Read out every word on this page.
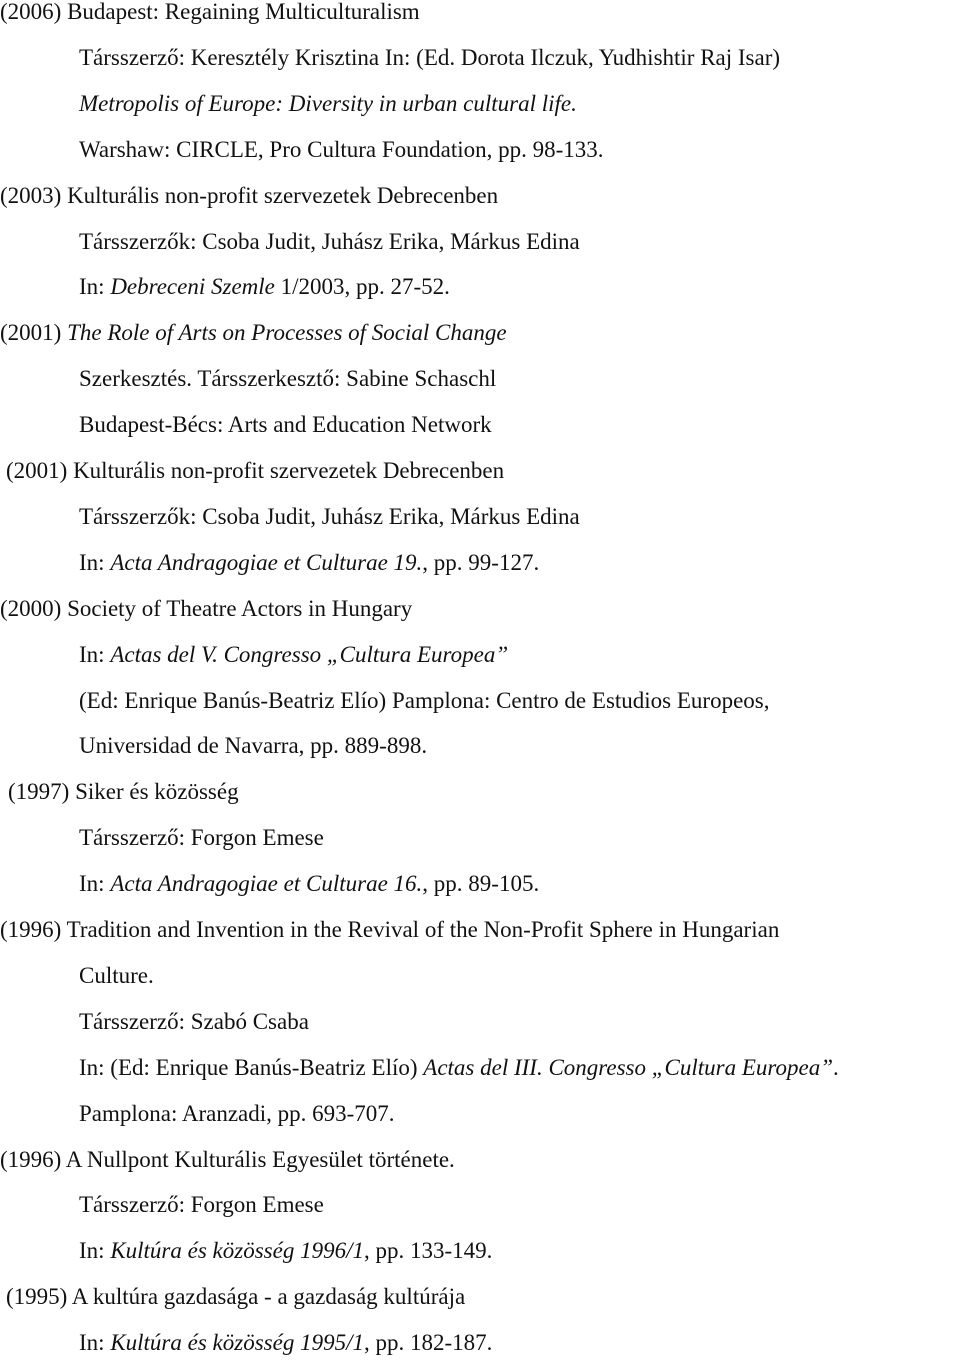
(2006) Budapest: Regaining Multiculturalism
Társszerző: Keresztély Krisztina In: (Ed. Dorota Ilczuk, Yudhishtir Raj Isar)
Metropolis of Europe: Diversity in urban cultural life.
Warshaw: CIRCLE, Pro Cultura Foundation, pp. 98-133.
(2003) Kulturális non-profit szervezetek Debrecenben
Társszerzők: Csoba Judit, Juhász Erika, Márkus Edina
In: Debreceni Szemle 1/2003, pp. 27-52.
(2001) The Role of Arts on Processes of Social Change
Szerkesztés. Társszerkesztő: Sabine Schaschl
Budapest-Bécs: Arts and Education Network
(2001) Kulturális non-profit szervezetek Debrecenben
Társszerzők: Csoba Judit, Juhász Erika, Márkus Edina
In: Acta Andragogiae et Culturae 19., pp. 99-127.
(2000) Society of Theatre Actors in Hungary
In: Actas del V. Congresso „Cultura Europea”
(Ed: Enrique Banús-Beatriz Elío) Pamplona: Centro de Estudios Europeos,
Universidad de Navarra, pp. 889-898.
(1997) Siker és közösség
Társszerző: Forgon Emese
In: Acta Andragogiae et Culturae 16., pp. 89-105.
(1996) Tradition and Invention in the Revival of the Non-Profit Sphere in Hungarian
Culture.
Társszerző: Szabó Csaba
In: (Ed: Enrique Banús-Beatriz Elío) Actas del III. Congresso „Cultura Europea”.
Pamplona: Aranzadi, pp. 693-707.
(1996) A Nullpont Kulturális Egyesület története.
Társszerző: Forgon Emese
In: Kultúra és közösség 1996/1, pp. 133-149.
(1995) A kultúra gazdasága - a gazdaság kultúrája
In: Kultúra és közösség 1995/1, pp. 182-187.
